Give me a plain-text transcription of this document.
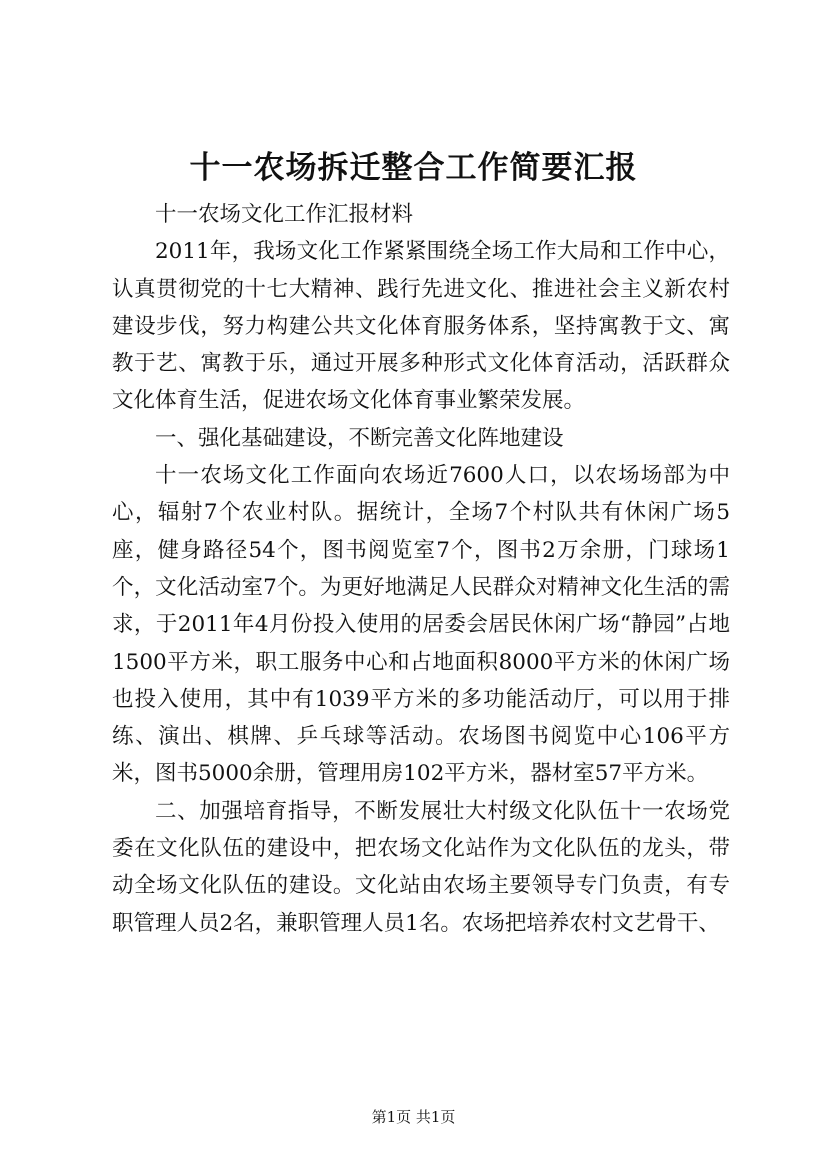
十一农场拆迁整合工作简要汇报

十一农场文化工作汇报材料

2011年，我场文化工作紧紧围绕全场工作大局和工作中心，认真贯彻党的十七大精神、践行先进文化、推进社会主义新农村建设步伐，努力构建公共文化体育服务体系，坚持寓教于文、寓教于艺、寓教于乐，通过开展多种形式文化体育活动，活跃群众文化体育生活，促进农场文化体育事业繁荣发展。

一、强化基础建设，不断完善文化阵地建设

十一农场文化工作面向农场近7600人口，以农场场部为中心，辐射7个农业村队。据统计，全场7个村队共有休闲广场5座，健身路径54个，图书阅览室7个，图书2万余册，门球场1个，文化活动室7个。为更好地满足人民群众对精神文化生活的需求，于2011年4月份投入使用的居委会居民休闲广场“静园”占地1500平方米，职工服务中心和占地面积8000平方米的休闲广场也投入使用，其中有1039平方米的多功能活动厅，可以用于排练、演出、棋牌、乒乓球等活动。农场图书阅览中心106平方米，图书5000余册，管理用房102平方米，器材室57平方米。

二、加强培育指导，不断发展壮大村级文化队伍十一农场党委在文化队伍的建设中，把农场文化站作为文化队伍的龙头，带动全场文化队伍的建设。文化站由农场主要领导专门负责，有专职管理人员2名，兼职管理人员1名。农场把培养农村文艺骨干、

第1页 共1页
